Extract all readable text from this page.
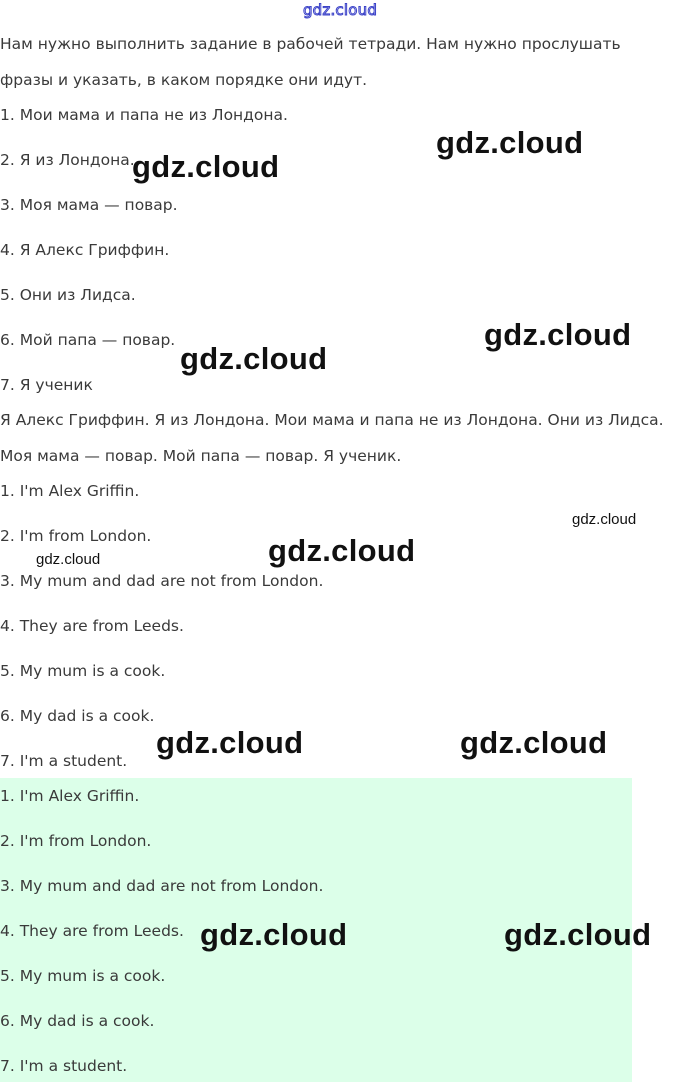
gdz.cloud
Нам нужно выполнить задание в рабочей тетради. Нам нужно прослушать
фразы и указать, в каком порядке они идут.
1. Мои мама и папа не из Лондона.
2. Я из Лондона.
3. Моя мама — повар.
4. Я Алекс Гриффин.
5. Они из Лидса.
6. Мой папа — повар.
7. Я ученик
Я Алекс Гриффин. Я из Лондона. Мои мама и папа не из Лондона. Они из Лидса.
Моя мама — повар. Мой папа — повар. Я ученик.
1. I'm Alex Griffin.
2. I'm from London.
3. My mum and dad are not from London.
4. They are from Leeds.
5. My mum is a cook.
6. My dad is a cook.
7. I'm a student.
1. I'm Alex Griffin.
2. I'm from London.
3. My mum and dad are not from London.
4. They are from Leeds.
5. My mum is a cook.
6. My dad is a cook.
7. I'm a student.
gdz.cloud
gdz.cloud
gdz.cloud
gdz.cloud
gdz.cloud
gdz.cloud	gdz.cloud
gdz.cloud	gdz.cloud
gdz.cloud	gdz.cloud
